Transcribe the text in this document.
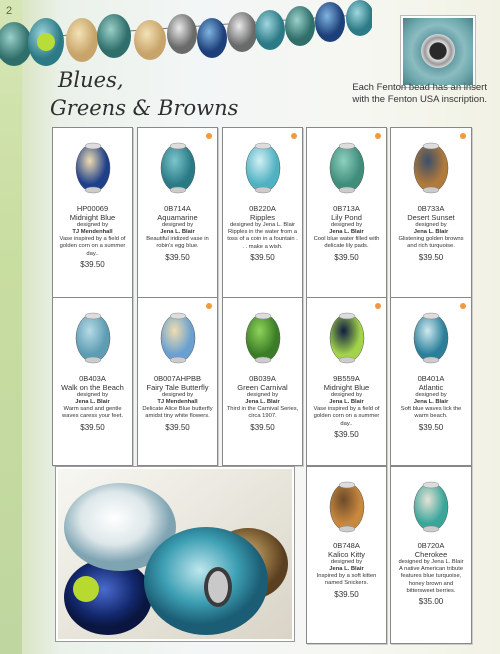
2
Blues,
Greens & Browns
Each Fenton bead has an insert with the Fenton USA inscription.
HP00069
Midnight Blue
designed by
TJ Mendenhall
Vase inspired by a field of golden corn on a summer day..
$39.50
0B714A
Aquamarine
designed by
Jena L. Blair
Beautiful iridized vase in robin's egg blue.
$39.50
0B220A
Ripples
designed by Jena L. Blair
Ripples in the water from a toss of a coin in a fountain . . . make a wish.
$39.50
0B713A
Lily Pond
designed by
Jena L. Blair
Cool blue water filled with delicate lily pads.
$39.50
0B733A
Desert Sunset
designed by
Jena L. Blair
Glistening golden browns and rich turquoise.
$39.50
0B403A
Walk on the Beach
designed by
Jena L. Blair
Warm sand and gentle waves caress your feet.
$39.50
0B007AHPBB
Fairy Tale Butterfly
designed by
TJ Mendenhall
Delicate Alice Blue butterfly amidst tiny white flowers.
$39.50
0B039A
Green Carnival
designed by
Jena L. Blair
Third in the Carnival Series, circa 1907.
$39.50
9B559A
Midnight Blue
designed by
Jena L. Blair
Vase inspired by a field of golden corn on a summer day..
$39.50
0B401A
Atlantic
designed by
Jena L. Blair
Soft blue waves lick the warm beach.
$39.50
0B748A
Kalico Kitty
designed by
Jena L. Blair
Inspired by a soft kitten named Snickers.
$39.50
0B720A
Cherokee
designed by Jena L. Blair
A native American tribute features blue turquoise, honey brown and bittersweet berries.
$35.00
